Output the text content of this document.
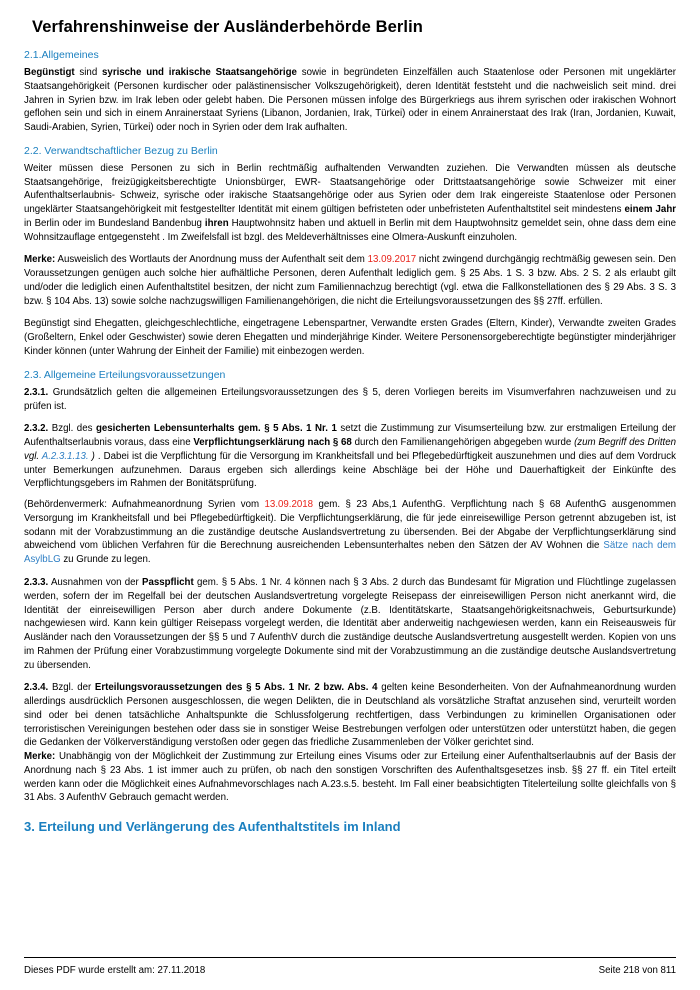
Verfahrenshinweise der Ausländerbehörde Berlin
2.1.Allgemeines

Begünstigt sind syrische und irakische Staatsangehörige sowie in begründeten Einzelfällen auch Staatenlose oder Personen mit ungeklärter Staatsangehörigkeit (Personen kurdischer oder palästinensischer Volkszugehörigkeit), deren Identität feststeht und die nachweislich seit mind. drei Jahren in Syrien bzw. im Irak leben oder gelebt haben. Die Personen müssen infolge des Bürgerkriegs aus ihrem syrischen oder irakischen Wohnort geflohen sein und sich in einem Anrainerstaat Syriens (Libanon, Jordanien, Irak, Türkei) oder in einem Anrainerstaat des Irak (Iran, Jordanien, Kuwait, Saudi-Arabien, Syrien, Türkei) oder noch in Syrien oder dem Irak aufhalten.

2.2. Verwandtschaftlicher Bezug zu Berlin

Weiter müssen diese Personen zu sich in Berlin rechtmäßig aufhaltenden Verwandten zuziehen. Die Verwandten müssen als deutsche Staatsangehörige, freizügigkeitsberechtigte Unionsbürger, EWR- Staatsangehörige oder Drittstaatsangehörige sowie Schweizer mit einer Aufenthaltserlaubnis- Schweiz, syrische oder irakische Staatsangehörige oder aus Syrien oder dem Irak eingereiste Staatenlose oder Personen ungeklärter Staatsangehörigkeit mit festgestellter Identität mit einem gültigen befristeten oder unbefristeten Aufenthaltstitel seit mindestens einem Jahr in Berlin oder im Bundesland Bandenbug ihren Hauptwohnsitz haben und aktuell in Berlin mit dem Hauptwohnsitz gemeldet sein, ohne dass dem eine Wohnsitzauflage entgegensteht . Im Zweifelsfall ist bzgl. des Meldeverhältnisses eine Olmera-Auskunft einzuholen.

Merke: Ausweislich des Wortlauts der Anordnung muss der Aufenthalt seit dem 13.09.2017 nicht zwingend durchgängig rechtmäßig gewesen sein. Den Voraussetzungen genügen auch solche hier aufhältliche Personen, deren Aufenthalt lediglich gem. § 25 Abs. 1 S. 3 bzw. Abs. 2 S. 2 als erlaubt gilt und/oder die lediglich einen Aufenthaltstitel besitzen, der nicht zum Familiennachzug berechtigt (vgl. etwa die Fallkonstellationen des § 29 Abs. 3 S. 3 bzw. § 104 Abs. 13) sowie solche nachzugswilligen Familienangehörigen, die nicht die Erteilungsvoraussetzungen des §§ 27ff. erfüllen.

Begünstigt sind Ehegatten, gleichgeschlechtliche, eingetragene Lebenspartner, Verwandte ersten Grades (Eltern, Kinder), Verwandte zweiten Grades (Großeltern, Enkel oder Geschwister) sowie deren Ehegatten und minderjährige Kinder. Weitere Personensorgeberechtigte begünstigter minderjähriger Kinder können (unter Wahrung der Einheit der Familie) mit einbezogen werden.

2.3. Allgemeine Erteilungsvoraussetzungen

2.3.1. Grundsätzlich gelten die allgemeinen Erteilungsvoraussetzungen des § 5, deren Vorliegen bereits im Visumverfahren nachzuweisen und zu prüfen ist.

2.3.2. Bzgl. des gesicherten Lebensunterhalts gem. § 5 Abs. 1 Nr. 1 setzt die Zustimmung zur Visumserteilung bzw. zur erstmaligen Erteilung der Aufenthaltserlaubnis voraus, dass eine Verpflichtungserklärung nach § 68 durch den Familienangehörigen abgegeben wurde (zum Begriff des Dritten vgl. A.2.3.1.13. ) . Dabei ist die Verpflichtung für die Versorgung im Krankheitsfall und bei Pflegebedürftigkeit auszunehmen und dies auf dem Vordruck unter Bemerkungen aufzunehmen. Daraus ergeben sich allerdings keine Abschläge bei der Höhe und Dauerhaftigkeit der Einkünfte des Verpflichtungsgebers im Rahmen der Bonitätsprüfung.

(Behördenvermerk: Aufnahmeanordnung Syrien vom 13.09.2018 gem. § 23 Abs,1 AufenthG. Verpflichtung nach § 68 AufenthG ausgenommen Versorgung im Krankheitsfall und bei Pflegebedürftigkeit). Die Verpflichtungserklärung, die für jede einreisewillige Person getrennt abzugeben ist, ist sodann mit der Vorabzustimmung an die zuständige deutsche Auslandsvertretung zu übersenden. Bei der Abgabe der Verpflichtungserklärung sind abweichend vom üblichen Verfahren für die Berechnung ausreichenden Lebensunterhaltes neben den Sätzen der AV Wohnen die Sätze nach dem AsylbLG zu Grunde zu legen.

2.3.3. Ausnahmen von der Passpflicht gem. § 5 Abs. 1 Nr. 4 können nach § 3 Abs. 2 durch das Bundesamt für Migration und Flüchtlinge zugelassen werden, sofern der im Regelfall bei der deutschen Auslandsvertretung vorgelegte Reisepass der einreisewilligen Person nicht anerkannt wird, die Identität der einreisewilligen Person aber durch andere Dokumente (z.B. Identitätskarte, Staatsangehörigkeitsnachweis, Geburtsurkunde) nachgewiesen wird. Kann kein gültiger Reisepass vorgelegt werden, die Identität aber anderweitig nachgewiesen werden, kann ein Reiseausweis für Ausländer nach den Voraussetzungen der §§ 5 und 7 AufenthV durch die zuständige deutsche Auslandsvertretung ausgestellt werden. Kopien von uns im Rahmen der Prüfung einer Vorabzustimmung vorgelegte Dokumente sind mit der Vorabzustimmung an die zuständige deutsche Auslandsvertretung zu übersenden.

2.3.4. Bzgl. der Erteilungsvoraussetzungen des § 5 Abs. 1 Nr. 2 bzw. Abs. 4 gelten keine Besonderheiten. Von der Aufnahmeanordnung wurden allerdings ausdrücklich Personen ausgeschlossen, die wegen Delikten, die in Deutschland als vorsätzliche Straftat anzusehen sind, verurteilt worden sind oder bei denen tatsächliche Anhaltspunkte die Schlussfolgerung rechtfertigen, dass Verbindungen zu kriminellen Organisationen oder terroristischen Vereinigungen bestehen oder dass sie in sonstiger Weise Bestrebungen verfolgen oder unterstützen oder unterstützt haben, die gegen die Gedanken der Völkerverständigung verstoßen oder gegen das friedliche Zusammenleben der Völker gerichtet sind.
Merke: Unabhängig von der Möglichkeit der Zustimmung zur Erteilung eines Visums oder zur Erteilung einer Aufenthaltserlaubnis auf der Basis der Anordnung nach § 23 Abs. 1 ist immer auch zu prüfen, ob nach den sonstigen Vorschriften des Aufenthaltsgesetzes insb. §§ 27 ff. ein Titel erteilt werden kann oder die Möglichkeit eines Aufnahmevorschlages nach A.23.s.5. besteht. Im Fall einer beabsichtigten Titelerteilung sollte gleichfalls von § 31 Abs. 3 AufenthV Gebrauch gemacht werden.

3. Erteilung und Verlängerung des Aufenthaltstitels im Inland
Dieses PDF wurde erstellt am: 27.11.2018	Seite 218 von 811
